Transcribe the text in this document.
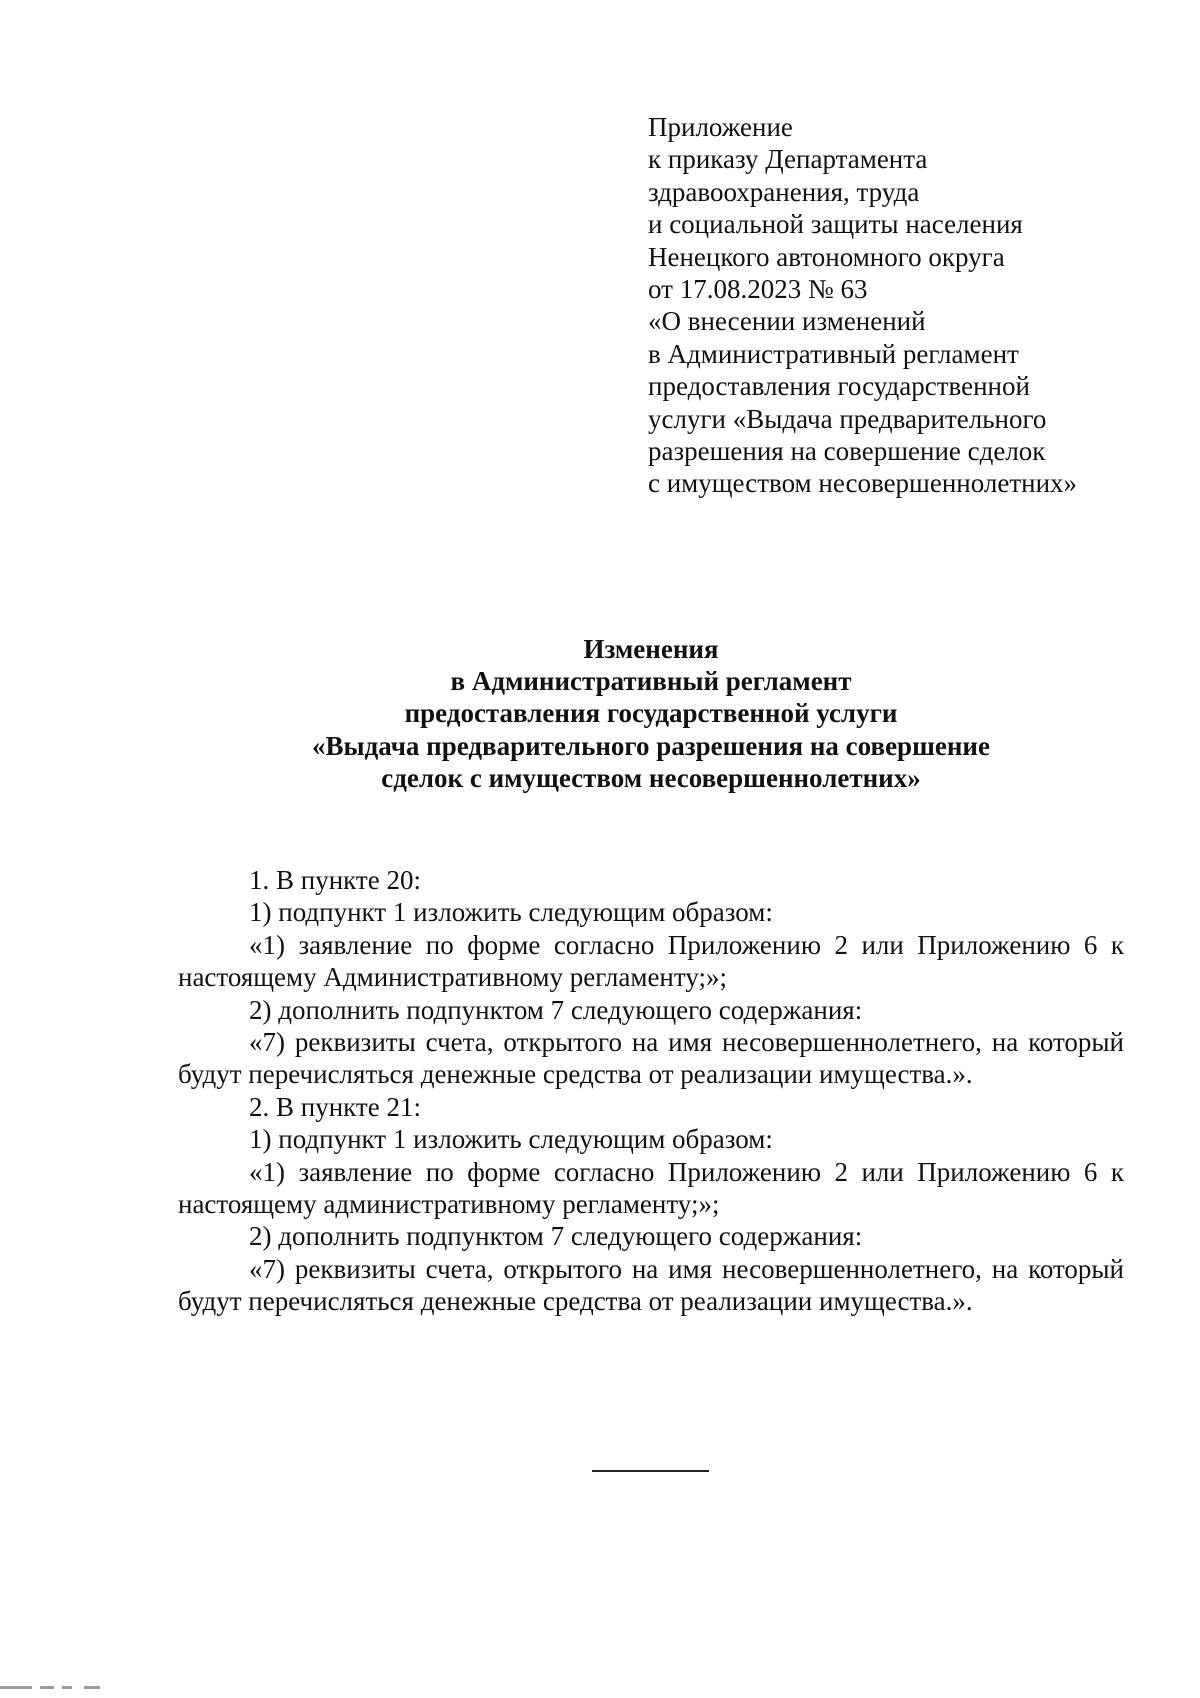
Приложение
к приказу Департамента
здравоохранения, труда
и социальной защиты населения
Ненецкого автономного округа
от 17.08.2023 № 63
«О внесении изменений
в Административный регламент
предоставления государственной
услуги «Выдача предварительного
разрешения на совершение сделок
с имуществом несовершеннолетних»
Изменения
в Административный регламент
предоставления государственной услуги
«Выдача предварительного разрешения на совершение
сделок с имуществом несовершеннолетних»

1. В пункте 20:

1) подпункт 1 изложить следующим образом:

«1) заявление по форме согласно Приложению 2 или Приложению 6 к настоящему Административному регламенту;»;

2) дополнить подпунктом 7 следующего содержания:

«7) реквизиты счета, открытого на имя несовершеннолетнего, на который будут перечисляться денежные средства от реализации имущества.».

2. В пункте 21:

1) подпункт 1 изложить следующим образом:

«1) заявление по форме согласно Приложению 2 или Приложению 6 к настоящему административному регламенту;»;

2) дополнить подпунктом 7 следующего содержания:

«7) реквизиты счета, открытого на имя несовершеннолетнего, на который будут перечисляться денежные средства от реализации имущества.».
